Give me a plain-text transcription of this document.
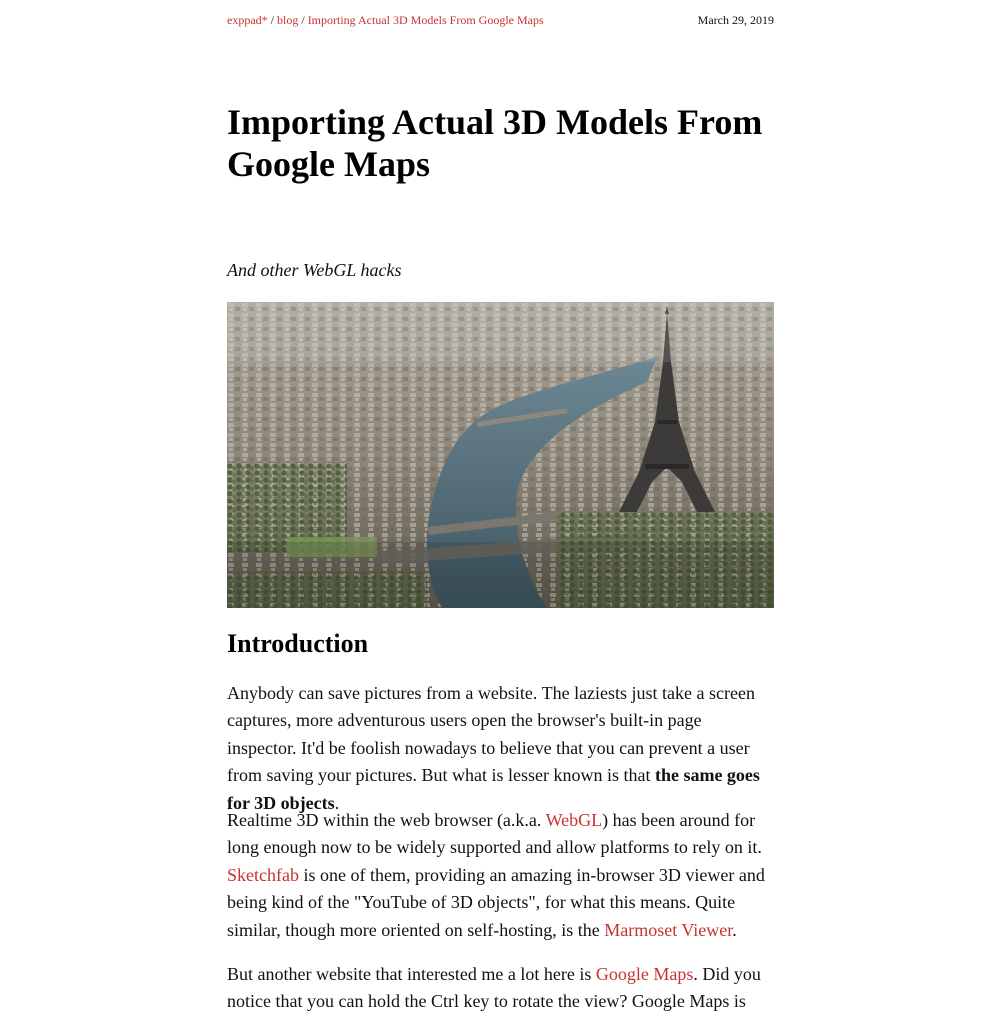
exppad* / blog / Importing Actual 3D Models From Google Maps	March 29, 2019
Importing Actual 3D Models From Google Maps

And other WebGL hacks

Introduction

Anybody can save pictures from a website. The laziests just take a screen captures, more adventurous users open the browser's built-in page inspector. It'd be foolish nowadays to believe that you can prevent a user from saving your pictures. But what is lesser known is that the same goes for 3D objects.

Realtime 3D within the web browser (a.k.a. WebGL) has been around for long enough now to be widely supported and allow platforms to rely on it. Sketchfab is one of them, providing an amazing in-browser 3D viewer and being kind of the "YouTube of 3D objects", for what this means. Quite similar, though more oriented on self-hosting, is the Marmoset Viewer.

But another website that interested me a lot here is Google Maps. Did you notice that you can hold the Ctrl key to rotate the view? Google Maps is
